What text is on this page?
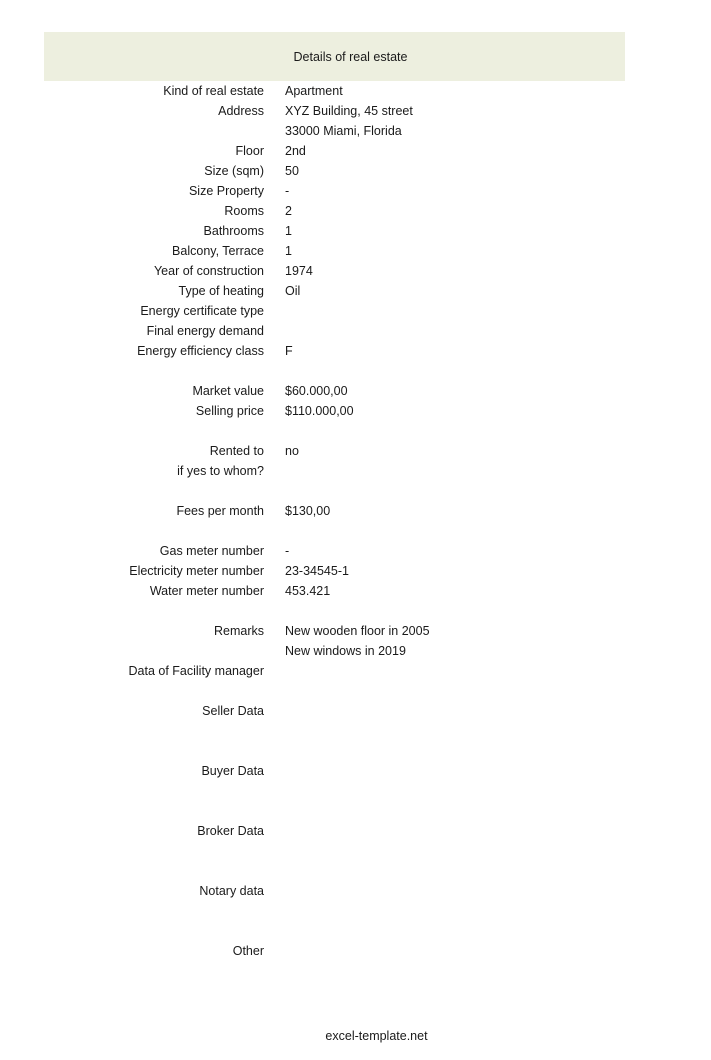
Details of real estate
Kind of real estate Apartment
Address XYZ Building, 45 street
33000 Miami, Florida
Floor 2nd
Size (sqm) 50
Size Property -
Rooms 2
Bathrooms 1
Balcony, Terrace 1
Year of construction 1974
Type of heating Oil
Energy certificate type
Final energy demand
Energy efficiency class F
Market value $60.000,00
Selling price $110.000,00
Rented to no
if yes to whom?
Fees per month $130,00
Gas meter number -
Electricity meter number 23-34545-1
Water meter number 453.421
Remarks New wooden floor in 2005
New windows in 2019
Data of Facility manager
Seller Data
Buyer Data
Broker Data
Notary data
Other
excel-template.net
